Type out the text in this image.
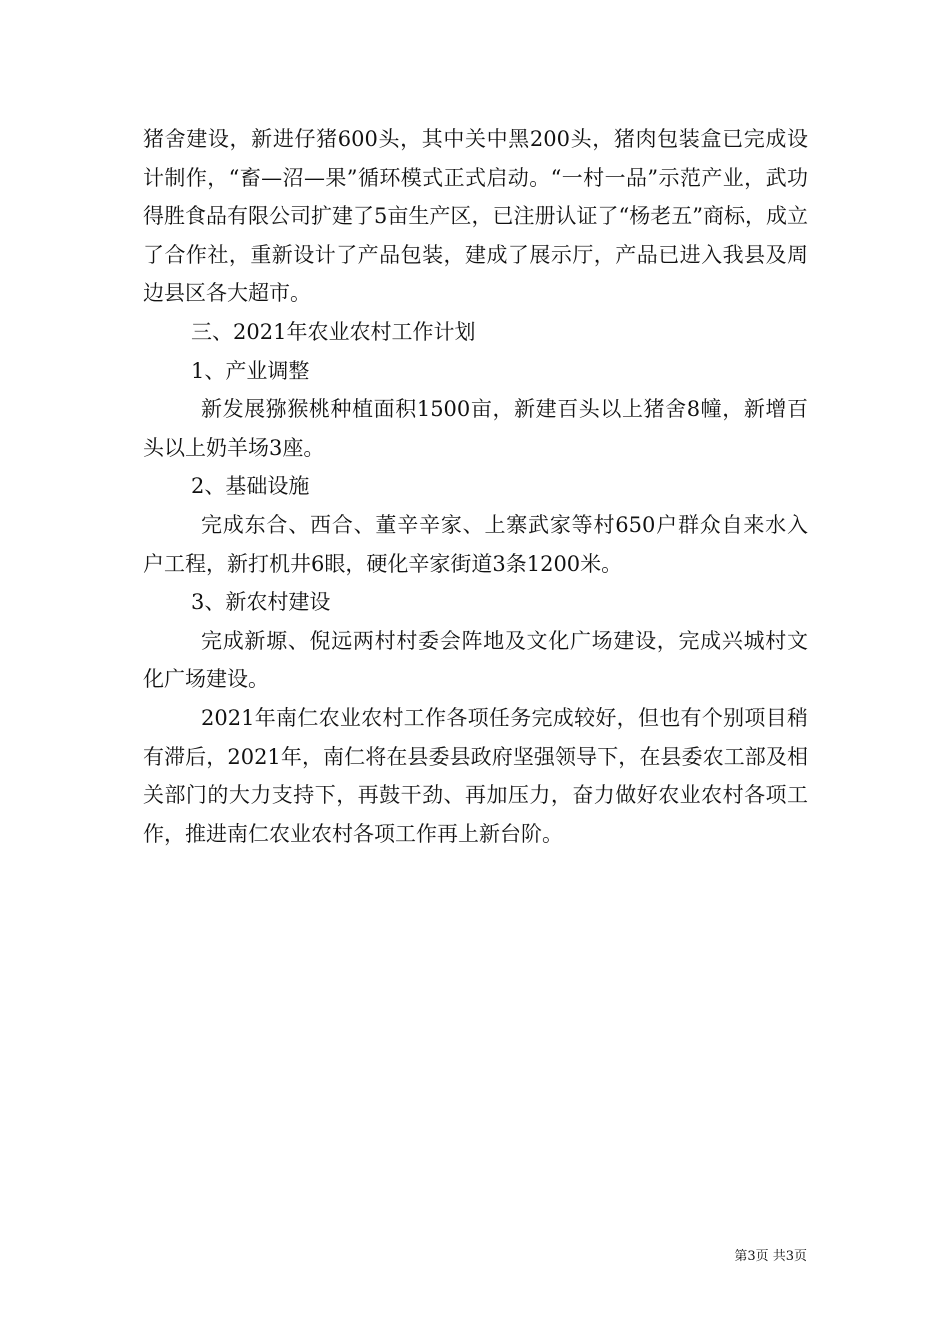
猪舍建设，新进仔猪600头，其中关中黑200头，猪肉包装盒已完成设计制作，“畜—沼—果”循环模式正式启动。“一村一品”示范产业，武功得胜食品有限公司扩建了5亩生产区，已注册认证了“杨老五”商标，成立了合作社，重新设计了产品包装，建成了展示厅，产品已进入我县及周边县区各大超市。

三、2021年农业农村工作计划

1、产业调整

新发展猕猴桃种植面积1500亩，新建百头以上猪舍8幢，新增百头以上奶羊场3座。

2、基础设施

完成东合、西合、董辛辛家、上寨武家等村650户群众自来水入户工程，新打机井6眼，硬化辛家街道3条1200米。

3、新农村建设

完成新塬、倪远两村村委会阵地及文化广场建设，完成兴城村文化广场建设。

2021年南仁农业农村工作各项任务完成较好，但也有个别项目稍有滞后，2021年，南仁将在县委县政府坚强领导下，在县委农工部及相关部门的大力支持下，再鼓干劲、再加压力，奋力做好农业农村各项工作，推进南仁农业农村各项工作再上新台阶。

第3页 共3页
